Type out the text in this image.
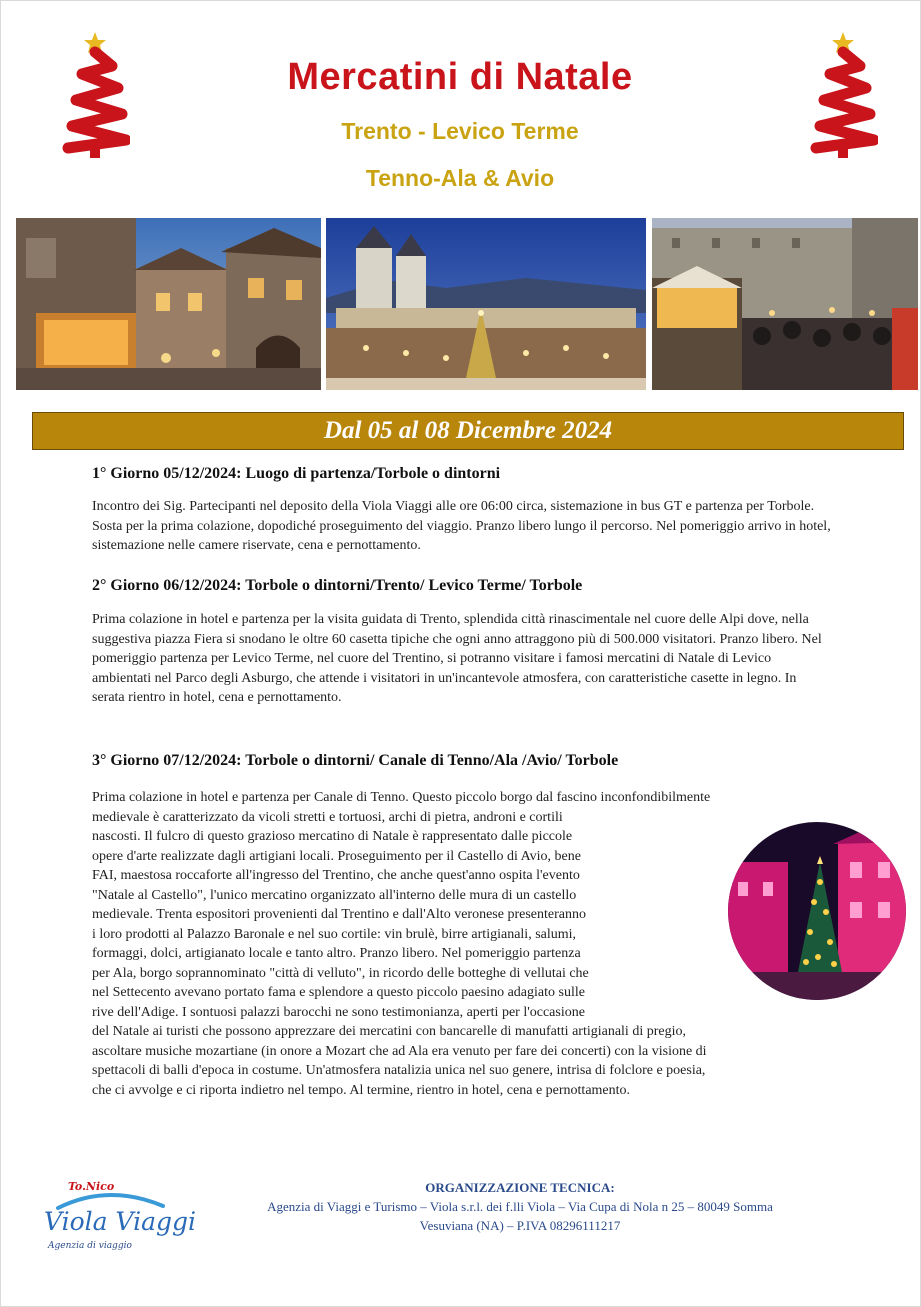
Mercatini di Natale
Trento - Levico Terme
Tenno-Ala & Avio
Dal 05 al 08 Dicembre 2024
1° Giorno 05/12/2024: Luogo di partenza/Torbole o dintorni
Incontro dei Sig. Partecipanti nel deposito della Viola Viaggi alle ore 06:00 circa, sistemazione in bus GT e partenza per Torbole. Sosta per la prima colazione, dopodiché proseguimento del viaggio. Pranzo libero lungo il percorso. Nel pomeriggio arrivo in hotel, sistemazione nelle camere riservate, cena e pernottamento.
2° Giorno 06/12/2024: Torbole o dintorni/Trento/ Levico Terme/ Torbole
Prima colazione in hotel e partenza per la visita guidata di Trento, splendida città rinascimentale nel cuore delle Alpi dove, nella suggestiva piazza Fiera si snodano le oltre 60 casetta tipiche che ogni anno attraggono più di 500.000 visitatori. Pranzo libero. Nel pomeriggio partenza per Levico Terme, nel cuore del Trentino, si potranno visitare i famosi mercatini di Natale di Levico ambientati nel Parco degli Asburgo, che attende i visitatori in un'incantevole atmosfera, con caratteristiche casette in legno. In serata rientro in hotel, cena e pernottamento.
3° Giorno 07/12/2024: Torbole o dintorni/ Canale di Tenno/Ala /Avio/ Torbole
Prima colazione in hotel e partenza per Canale di Tenno. Questo piccolo borgo dal fascino inconfondibilmente
medievale è caratterizzato da vicoli stretti e tortuosi, archi di pietra, androni e cortili
nascosti. Il fulcro di questo grazioso mercatino di Natale è rappresentato dalle piccole
opere d'arte realizzate dagli artigiani locali. Proseguimento per il Castello di Avio, bene
FAI, maestosa roccaforte all'ingresso del Trentino, che anche quest'anno ospita l'evento
"Natale al Castello", l'unico mercatino organizzato all'interno delle mura di un castello
medievale. Trenta espositori provenienti dal Trentino e dall'Alto veronese presenteranno
i loro prodotti al Palazzo Baronale e nel suo cortile: vin brulè, birre artigianali, salumi,
formaggi, dolci, artigianato locale e tanto altro. Pranzo libero. Nel pomeriggio partenza
per Ala, borgo soprannominato "città di velluto", in ricordo delle botteghe di vellutai che
nel Settecento avevano portato fama e splendore a questo piccolo paesino adagiato sulle
rive dell'Adige. I sontuosi palazzi barocchi ne sono testimonianza, aperti per l'occasione
del Natale ai turisti che possono apprezzare dei mercatini con bancarelle di manufatti artigianali di pregio,
ascoltare musiche mozartiane (in onore a Mozart che ad Ala era venuto per fare dei concerti) con la visione di
spettacoli di balli d'epoca in costume. Un'atmosfera natalizia unica nel suo genere, intrisa di folclore e poesia,
che ci avvolge e ci riporta indietro nel tempo. Al termine, rientro in hotel, cena e pernottamento.
To.Nico
Viola Viaggi
Agenzia di viaggio
ORGANIZZAZIONE TECNICA:
Agenzia di Viaggi e Turismo – Viola s.r.l. dei f.lli Viola – Via Cupa di Nola n 25 – 80049 Somma
Vesuviana (NA) – P.IVA 08296111217
